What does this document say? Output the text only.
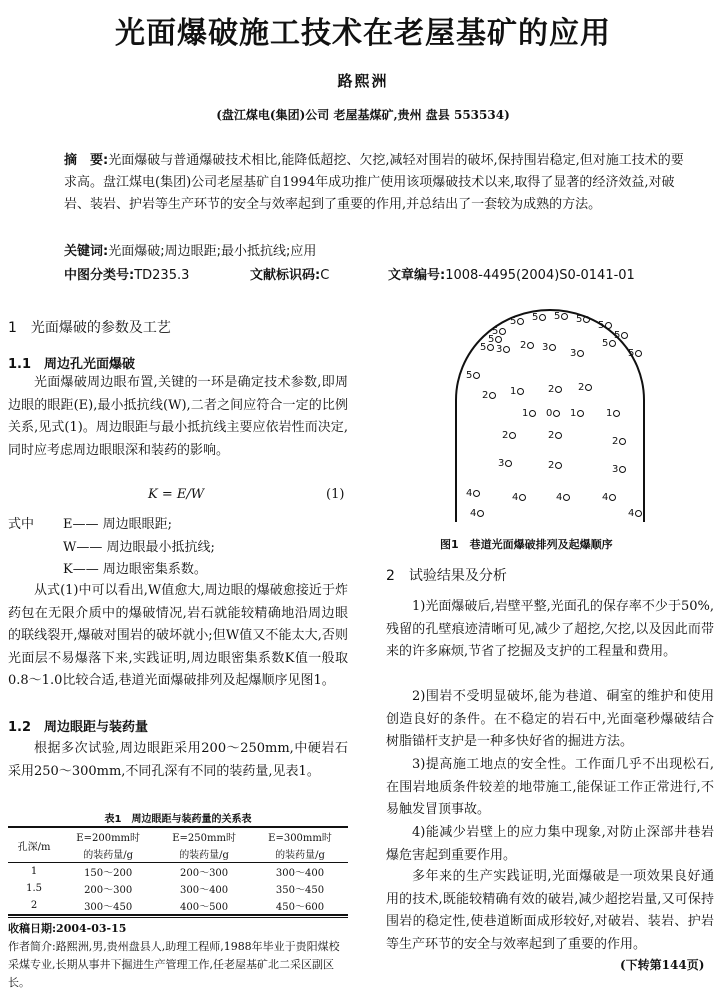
光面爆破施工技术在老屋基矿的应用
路熙洲
(盘江煤电(集团)公司 老屋基煤矿,贵州 盘县 553534)
摘　要:光面爆破与普通爆破技术相比,能降低超挖、欠挖,减轻对围岩的破坏,保持围岩稳定,但对施工技术的要求高。盘江煤电(集团)公司老屋基矿自1994年成功推广使用该项爆破技术以来,取得了显著的经济效益,对破岩、装岩、护岩等生产环节的安全与效率起到了重要的作用,并总结出了一套较为成熟的方法。
关键词:光面爆破;周边眼距;最小抵抗线;应用
中图分类号:TD235.3	文献标识码:C	文章编号:1008-4495(2004)S0-0141-01
1　光面爆破的参数及工艺
1.1　周边孔光面爆破
光面爆破周边眼布置,关键的一环是确定技术参数,即周边眼的眼距(E),最小抵抗线(W),二者之间应符合一定的比例关系,见式(1)。周边眼距与最小抵抗线主要应依岩性而决定,同时应考虑周边眼眼深和装药的影响。
K = E/W	(1)
式中 E—— 周边眼眼距;
W—— 周边眼最小抵抗线;
K—— 周边眼密集系数。
从式(1)中可以看出,W值愈大,周边眼的爆破愈接近于炸药包在无限介质中的爆破情况,岩石就能较精确地沿周边眼的联线裂开,爆破对围岩的破坏就小;但W值又不能太大,否则光面层不易爆落下来,实践证明,周边眼密集系数K值一般取0.8～1.0比较合适,巷道光面爆破排列及起爆顺序见图1。
1.2　周边眼距与装药量
根据多次试验,周边眼距采用200～250mm,中硬岩石采用250～300mm,不同孔深有不同的装药量,见表1。
表1　周边眼距与装药量的关系表
孔深/m	E=200mm时	E=250mm时	E=300mm时
	的装药量/g	的装药量/g	的装药量/g
1	150～200	200～300	300～400
1.5	200～300	300～400	350～450
2	300～450	400～500	450～600
收稿日期:2004-03-15
作者简介:路熙洲,男,贵州盘县人,助理工程师,1988年毕业于贵阳煤校采煤专业,长期从事井下掘进生产管理工作,任老屋基矿北二采区副区长。
5	5	5	5
5
5	5
5
5
5
3	2	3
3
2	1	2	2
1	0	1
2	2
1
2
3	2	3
4	4	4	4
4	4
5	5
图1　巷道光面爆破排列及起爆顺序
2　试验结果及分析
1)光面爆破后,岩壁平整,光面孔的保存率不少于50%,残留的孔壁痕迹清晰可见,减少了超挖,欠挖,以及因此而带来的许多麻烦,节省了挖掘及支护的工程量和费用。
2)围岩不受明显破坏,能为巷道、硐室的维护和使用创造良好的条件。在不稳定的岩石中,光面毫秒爆破结合树脂锚杆支护是一种多快好省的掘进方法。
3)提高施工地点的安全性。工作面几乎不出现松石,在围岩地质条件较差的地带施工,能保证工作正常进行,不易触发冒顶事故。
4)能减少岩壁上的应力集中现象,对防止深部井巷岩爆危害起到重要作用。
多年来的生产实践证明,光面爆破是一项效果良好通用的技术,既能较精确有效的破岩,减少超挖岩量,又可保持围岩的稳定性,使巷道断面成形较好,对破岩、装岩、护岩等生产环节的安全与效率起到了重要的作用。
(下转第144页)
